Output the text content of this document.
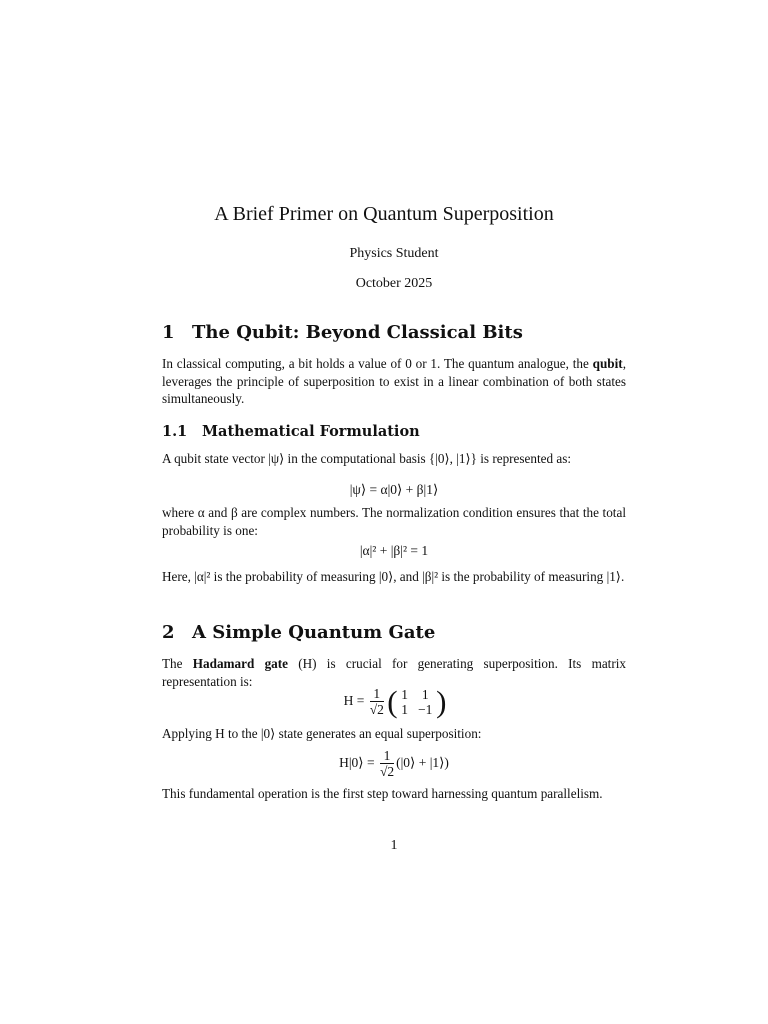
A Brief Primer on Quantum Superposition
Physics Student
October 2025
1 The Qubit: Beyond Classical Bits
In classical computing, a bit holds a value of 0 or 1. The quantum analogue, the qubit, leverages the principle of superposition to exist in a linear combination of both states simultaneously.
1.1 Mathematical Formulation
A qubit state vector |ψ⟩ in the computational basis {|0⟩, |1⟩} is represented as:
|ψ⟩ = α|0⟩ + β|1⟩
where α and β are complex numbers. The normalization condition ensures that the total probability is one:
|α|² + |β|² = 1
Here, |α|² is the probability of measuring |0⟩, and |β|² is the probability of measuring |1⟩.
2 A Simple Quantum Gate
The Hadamard gate (H) is crucial for generating superposition. Its matrix representation is:
$H = \frac{1}{√2}$
( 1	1
1	−1 )
Applying H to the |0⟩ state generates an equal superposition:
H|0⟩ = $\frac{1}{√2}$ (|0⟩ + |1⟩)
This fundamental operation is the first step toward harnessing quantum parallelism.
1
